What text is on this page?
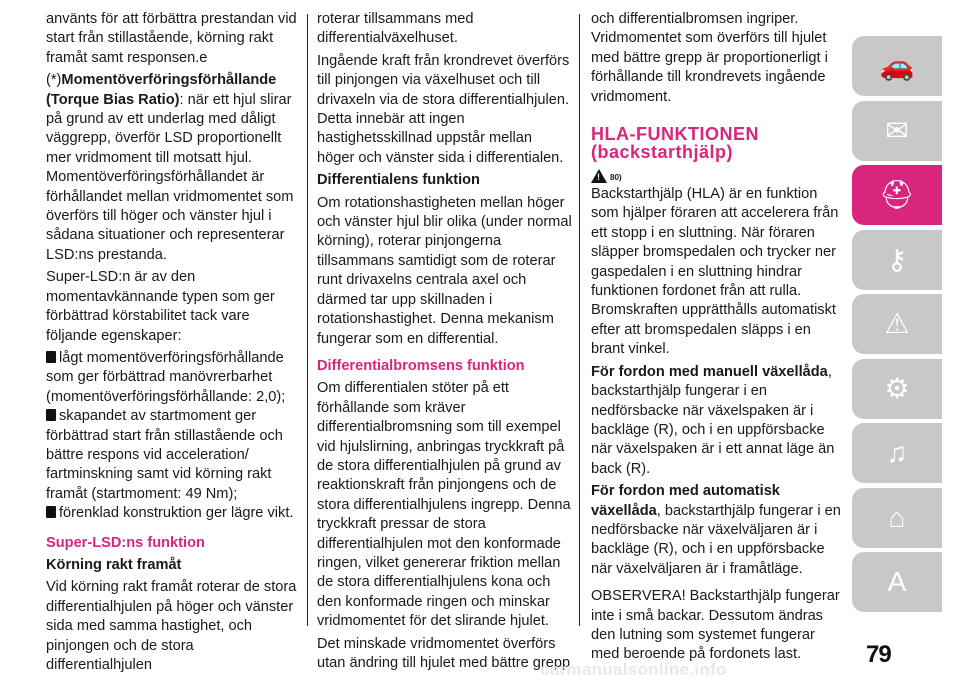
använts för att förbättra prestandan vid start från stillastående, körning rakt framåt samt responsen.e

(*)Momentöverföringsförhållande (Torque Bias Ratio): när ett hjul slirar på grund av ett underlag med dåligt väggrepp, överför LSD proportionellt mer vridmoment till motsatt hjul. Momentöverföringsförhållandet är förhållandet mellan vridmomentet som överförs till höger och vänster hjul i sådana situationer och representerar LSD:ns prestanda.

Super-LSD:n är av den momentavkännande typen som ger förbättrad körstabilitet tack vare följande egenskaper:

lågt momentöverföringsförhållande som ger förbättrad manövrerbarhet (momentöverföringsförhållande: 2,0);
skapandet av startmoment ger förbättrad start från stillastående och bättre respons vid acceleration/ fartminskning samt vid körning rakt framåt (startmoment: 49 Nm);
förenklad konstruktion ger lägre vikt.

Super-LSD:ns funktion

Körning rakt framåt

Vid körning rakt framåt roterar de stora differentialhjulen på höger och vänster sida med samma hastighet, och pinjongen och de stora differentialhjulen

roterar tillsammans med differentialväxelhuset.

Ingående kraft från krondrevet överförs till pinjongen via växelhuset och till drivaxeln via de stora differentialhjulen. Detta innebär att ingen hastighetsskillnad uppstår mellan höger och vänster sida i differentialen.

Differentialens funktion

Om rotationshastigheten mellan höger och vänster hjul blir olika (under normal körning), roterar pinjongerna tillsammans samtidigt som de roterar runt drivaxelns centrala axel och därmed tar upp skillnaden i rotationshastighet. Denna mekanism fungerar som en differential.

Differentialbromsens funktion

Om differentialen stöter på ett förhållande som kräver differentialbromsning som till exempel vid hjulslirning, anbringas tryckkraft på de stora differentialhjulen på grund av reaktionskraft från pinjongens och de stora differentialhjulens ingrepp. Denna tryckkraft pressar de stora differentialhjulen mot den konformade ringen, vilket genererar friktion mellan de stora differentialhjulens kona och den konformade ringen och minskar vridmomentet för det slirande hjulet.

Det minskade vridmomentet överförs utan ändring till hjulet med bättre grepp

och differentialbromsen ingriper. Vridmomentet som överförs till hjulet med bättre grepp är proportionerligt i förhållande till krondrevets ingående vridmoment.

HLA-FUNKTIONEN (backstarthjälp)
! 80)

Backstarthjälp (HLA) är en funktion som hjälper föraren att accelerera från ett stopp i en sluttning. När föraren släpper bromspedalen och trycker ner gaspedalen i en sluttning hindrar funktionen fordonet från att rulla. Bromskraften upprätthålls automatiskt efter att bromspedalen släpps i en brant vinkel.

För fordon med manuell växellåda, backstarthjälp fungerar i en nedförsbacke när växelspaken är i backläge (R), och i en uppförsbacke när växelspaken är i ett annat läge än back (R).

För fordon med automatisk växellåda, backstarthjälp fungerar i en nedförsbacke när växelväljaren är i backläge (R), och i en uppförsbacke när växelväljaren är i framåtläge.

OBSERVERA! Backstarthjälp fungerar inte i små backar. Dessutom ändras den lutning som systemet fungerar med beroende på fordonets last.

🚗
✉
⛑
⚷
⚠
⚙
♫
⌂
A
79
carmanualsonline.info
